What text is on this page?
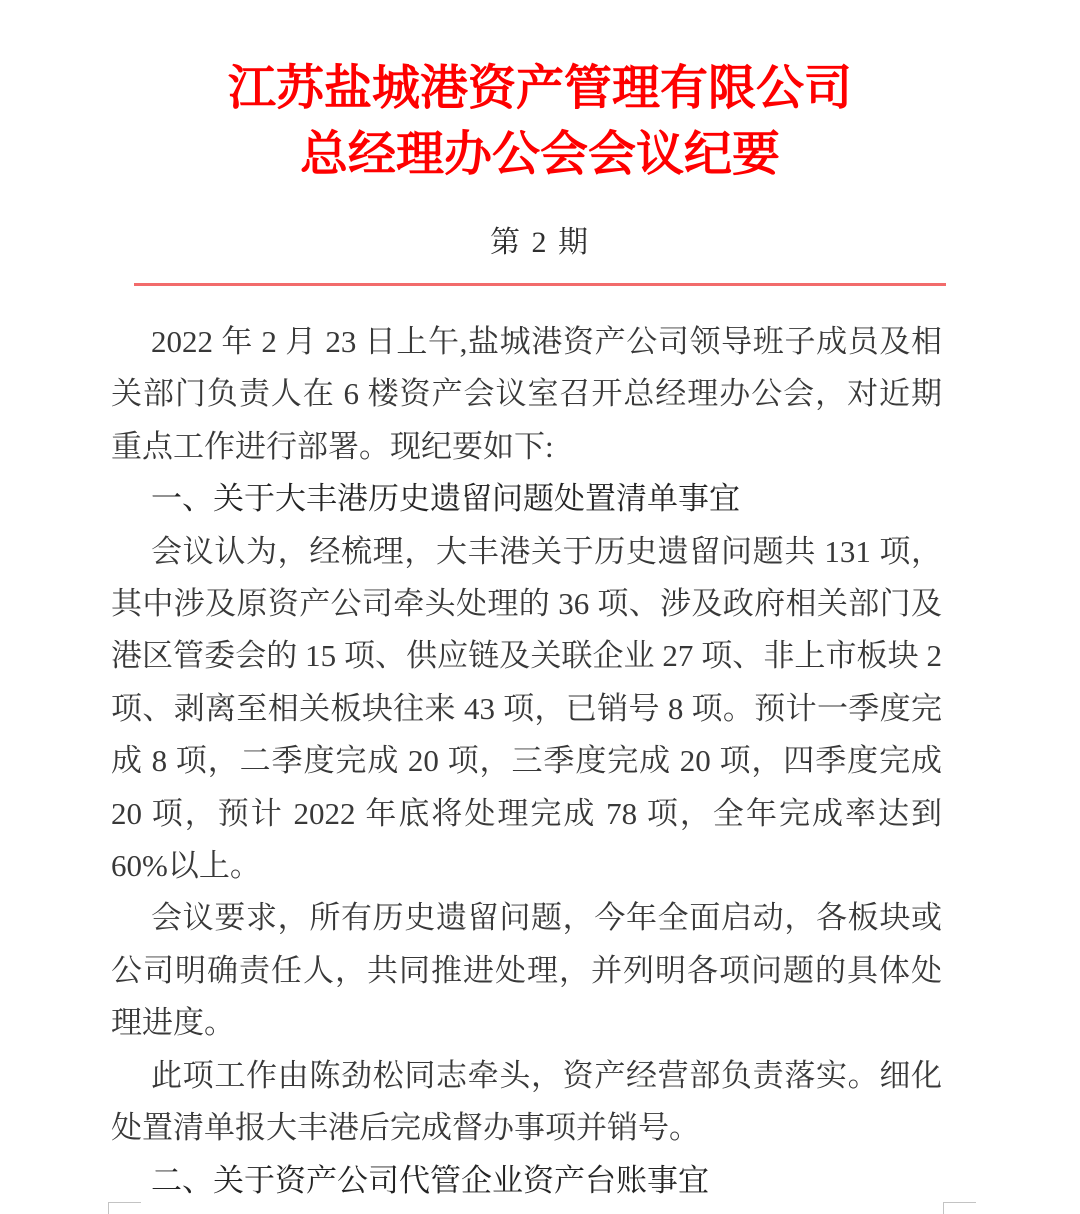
江苏盐城港资产管理有限公司
总经理办公会会议纪要
第 2 期

2022 年 2 月 23 日上午,盐城港资产公司领导班子成员及相关部门负责人在 6 楼资产会议室召开总经理办公会，对近期重点工作进行部署。现纪要如下:

一、关于大丰港历史遗留问题处置清单事宜

会议认为，经梳理，大丰港关于历史遗留问题共 131 项，其中涉及原资产公司牵头处理的 36 项、涉及政府相关部门及港区管委会的 15 项、供应链及关联企业 27 项、非上市板块 2 项、剥离至相关板块往来 43 项，已销号 8 项。预计一季度完成 8 项，二季度完成 20 项，三季度完成 20 项，四季度完成 20 项，预计 2022 年底将处理完成 78 项，全年完成率达到 60%以上。

会议要求，所有历史遗留问题，今年全面启动，各板块或公司明确责任人，共同推进处理，并列明各项问题的具体处理进度。

此项工作由陈劲松同志牵头，资产经营部负责落实。细化处置清单报大丰港后完成督办事项并销号。

二、关于资产公司代管企业资产台账事宜
